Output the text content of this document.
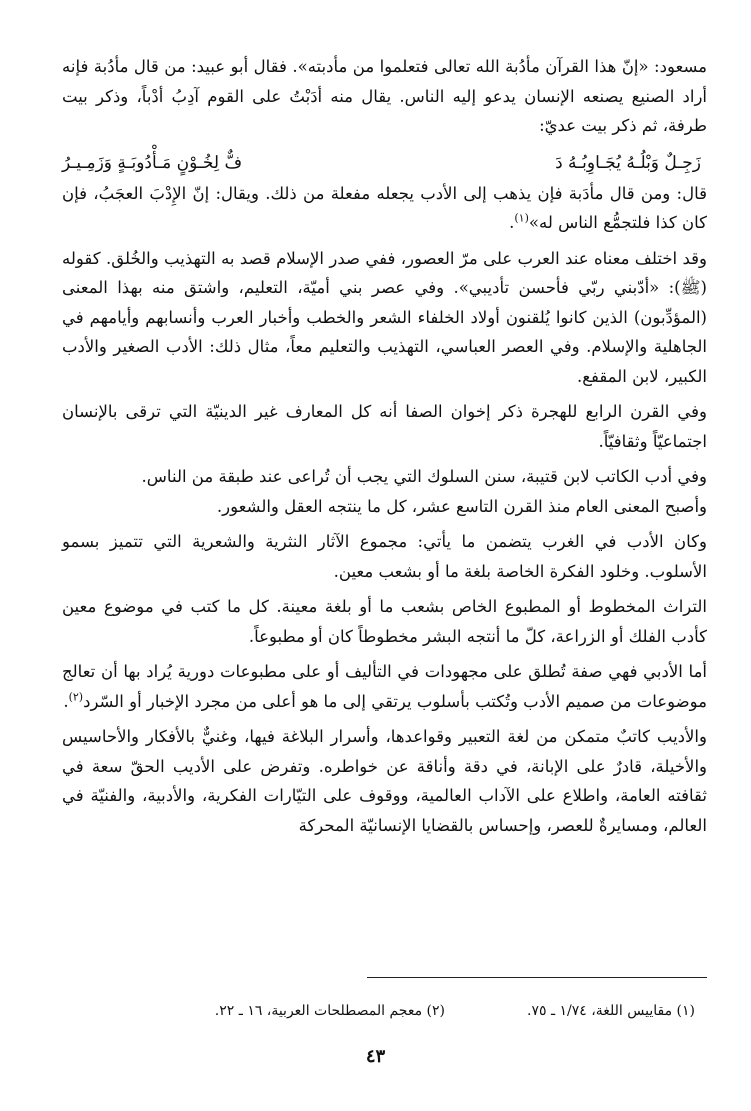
مسعود: «إنّ هذا القرآن مأدُبة الله تعالى فتعلموا من مأدبته». فقال أبو عبيد: من قال مأدُبة فإنه أراد الصنيع يصنعه الإنسان يدعو إليه الناس. يقال منه أدَبْتُ على القوم آدِبُ أدْباً، وذكر بيت طرفة، ثم ذكر بيت عديّ:

زَجِـلٌ وَبْلُـهُ يُجَـاوِبُـهُ دَ
فٌّ لِخُـوْنٍ مَـأْدُوبَـةٍ وَزَمِـيـرُ

قال: ومن قال مأدَبة فإن يذهب إلى الأدب يجعله مفعلة من ذلك. ويقال: إنّ الإِدْبَ العجَبُ، فإن كان كذا فلتجمُّع الناس له»$^{(١)}$.

وقد اختلف معناه عند العرب على مرّ العصور، ففي صدر الإسلام قصد به التهذيب والخُلق. كقوله (ﷺ): «أدّبني ربّي فأحسن تأديبي». وفي عصر بني أميّة، التعليم، واشتق منه بهذا المعنى (المؤدِّبون) الذين كانوا يُلقنون أولاد الخلفاء الشعر والخطب وأخبار العرب وأنسابهم وأيامهم في الجاهلية والإسلام. وفي العصر العباسي، التهذيب والتعليم معاً، مثال ذلك: الأدب الصغير والأدب الكبير، لابن المقفع.

وفي القرن الرابع للهجرة ذكر إخوان الصفا أنه كل المعارف غير الدينيّة التي ترقى بالإنسان اجتماعيّاً وثقافيّاً.

وفي أدب الكاتب لابن قتيبة، سنن السلوك التي يجب أن تُراعى عند طبقة من الناس.
وأصبح المعنى العام منذ القرن التاسع عشر، كل ما ينتجه العقل والشعور.

وكان الأدب في الغرب يتضمن ما يأتي: مجموع الآثار النثرية والشعرية التي تتميز بسمو الأسلوب. وخلود الفكرة الخاصة بلغة ما أو بشعب معين.

التراث المخطوط أو المطبوع الخاص بشعب ما أو بلغة معينة. كل ما كتب في موضوع معين كأدب الفلك أو الزراعة، كلّ ما أنتجه البشر مخطوطاً كان أو مطبوعاً.

أما الأدبي فهي صفة تُطلق على مجهودات في التأليف أو على مطبوعات دورية يُراد بها أن تعالج موضوعات من صميم الأدب وتُكتب بأسلوب يرتقي إلى ما هو أعلى من مجرد الإخبار أو السّرد$^{(٢)}$.

والأديب كاتبٌ متمكن من لغة التعبير وقواعدها، وأسرار البلاغة فيها، وغنيٌّ بالأفكار والأحاسيس والأخيلة، قادرٌ على الإبانة، في دقة وأناقة عن خواطره. وتفرض على الأديب الحقّ سعة في ثقافته العامة، واطلاع على الآداب العالمية، ووقوف على التيّارات الفكرية، والأدبية، والفنيّة في العالم، ومسايرةٌ للعصر، وإحساس بالقضايا الإنسانيّة المحركة

(١) مقاييس اللغة، ١/٧٤ ـ ٧٥.
(٢) معجم المصطلحات العربية، ١٦ ـ ٢٢.
٤٣
